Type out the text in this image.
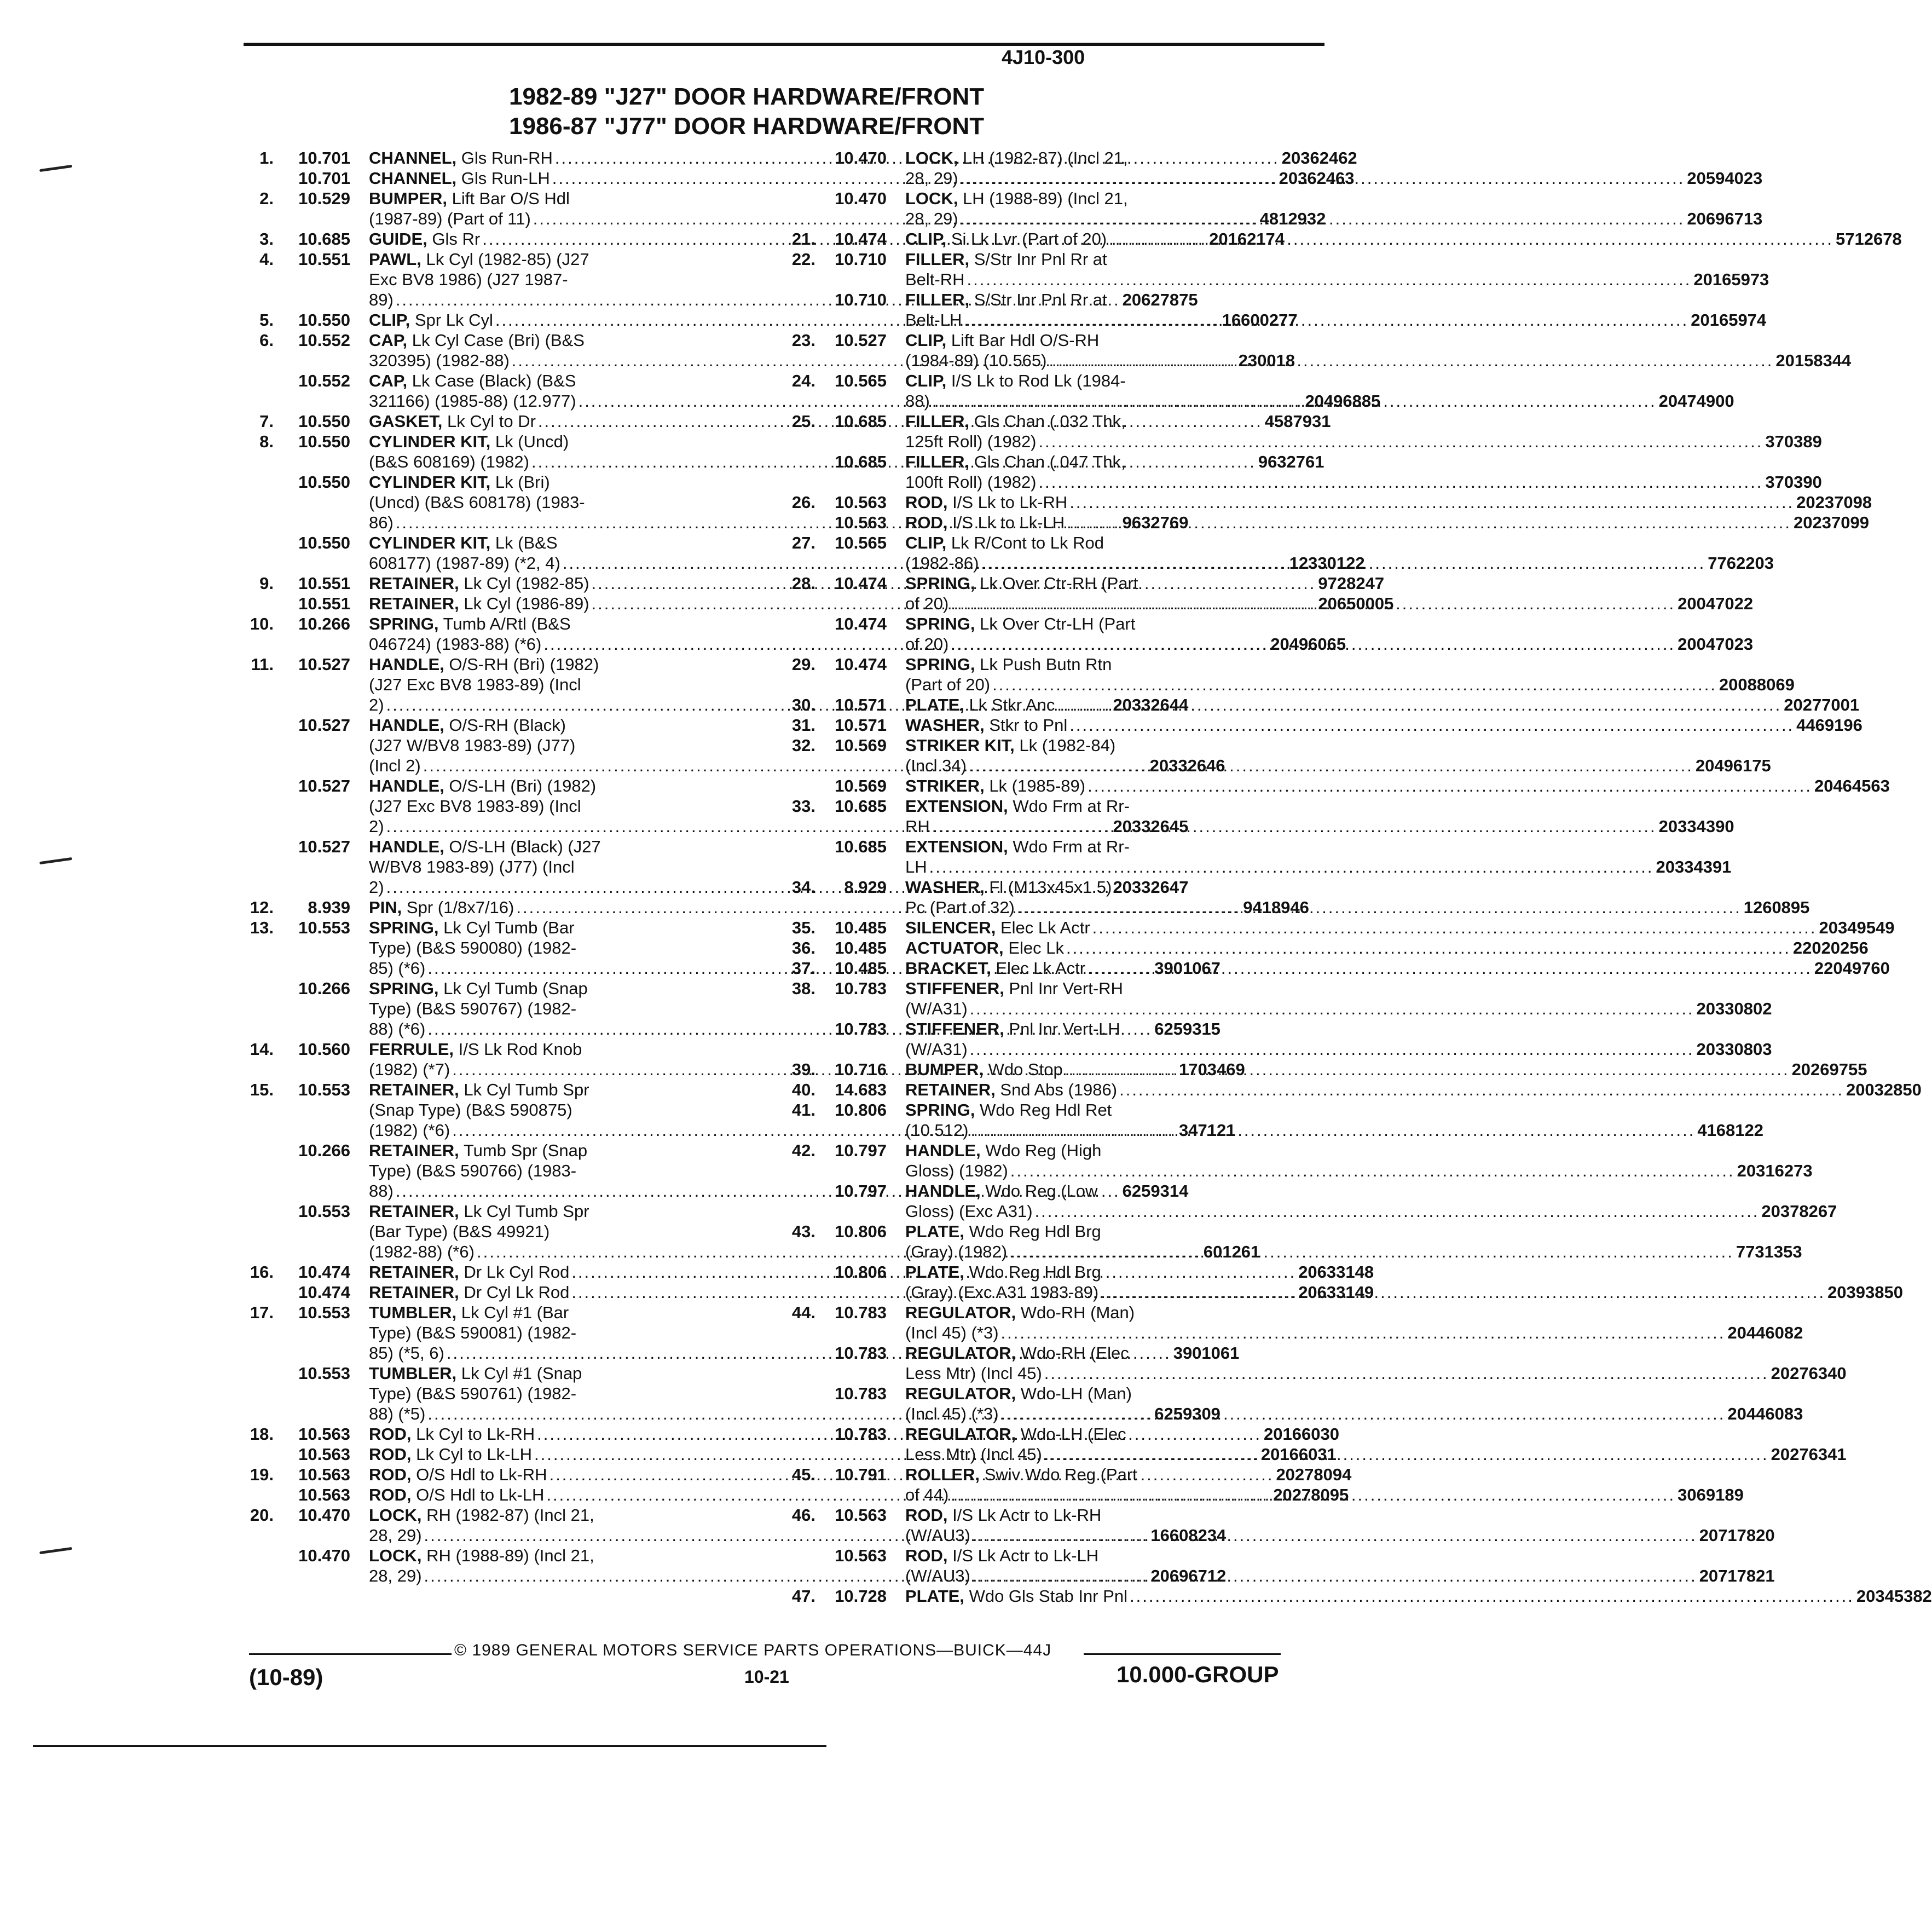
4J10-300
1982-89 "J27" DOOR HARDWARE/FRONT
1986-87 "J77" DOOR HARDWARE/FRONT
1.	10.701 CHANNEL, Gls Run-RH .....	20362462
10.701 CHANNEL, Gls Run-LH .....	20362463
2.	10.529 BUMPER, Lift Bar O/S Hdl
(1987-89) (Part of 11) .....	4812932
3.	10.685 GUIDE, Gls Rr .....	20162174
4.	10.551 PAWL, Lk Cyl (1982-85) (J27
Exc BV8 1986) (J27 1987-
89) .....	20627875
5.	10.550 CLIP, Spr Lk Cyl .....	16600277
6.	10.552 CAP, Lk Cyl Case (Bri) (B&S
320395) (1982-88) .....	230018
10.552 CAP, Lk Case (Black) (B&S
321166) (1985-88) (12.977) .....	20496885
7.	10.550 GASKET, Lk Cyl to Dr .....	4587931
8.	10.550 CYLINDER KIT, Lk (Uncd)
(B&S 608169) (1982) .....	9632761
10.550 CYLINDER KIT, Lk (Bri)
(Uncd) (B&S 608178) (1983-
86) .....	9632769
10.550 CYLINDER KIT, Lk (B&S
608177) (1987-89) (*2, 4) .....	12330122
9.	10.551 RETAINER, Lk Cyl (1982-85) .....	9728247
10.551 RETAINER, Lk Cyl (1986-89) .....	20650005
10.	10.266 SPRING, Tumb A/Rtl (B&S
046724) (1983-88) (*6) .....	20496065
11.	10.527 HANDLE, O/S-RH (Bri) (1982)
(J27 Exc BV8 1983-89) (Incl
2) .....	20332644
10.527 HANDLE, O/S-RH (Black)
(J27 W/BV8 1983-89) (J77)
(Incl 2) .....	20332646
10.527 HANDLE, O/S-LH (Bri) (1982)
(J27 Exc BV8 1983-89) (Incl
2) .....	20332645
10.527 HANDLE, O/S-LH (Black) (J27
W/BV8 1983-89) (J77) (Incl
2) .....	20332647
12.	8.939 PIN, Spr (1/8x7/16) .....	9418946
13.	10.553 SPRING, Lk Cyl Tumb (Bar
Type) (B&S 590080) (1982-
85) (*6) .....	3901067
10.266 SPRING, Lk Cyl Tumb (Snap
Type) (B&S 590767) (1982-
88) (*6) .....	6259315
14.	10.560 FERRULE, I/S Lk Rod Knob
(1982) (*7) .....	1703469
15.	10.553 RETAINER, Lk Cyl Tumb Spr
(Snap Type) (B&S 590875)
(1982) (*6) .....	347121
10.266 RETAINER, Tumb Spr (Snap
Type) (B&S 590766) (1983-
88) .....	6259314
10.553 RETAINER, Lk Cyl Tumb Spr
(Bar Type) (B&S 49921)
(1982-88) (*6) .....	601261
16.	10.474 RETAINER, Dr Lk Cyl Rod .....	20633148
10.474 RETAINER, Dr Cyl Lk Rod .....	20633149
17.	10.553 TUMBLER, Lk Cyl #1 (Bar
Type) (B&S 590081) (1982-
85) (*5, 6) .....	3901061
10.553 TUMBLER, Lk Cyl #1 (Snap
Type) (B&S 590761) (1982-
88) (*5) .....	6259309
18.	10.563 ROD, Lk Cyl to Lk-RH .....	20166030
10.563 ROD, Lk Cyl to Lk-LH .....	20166031
19.	10.563 ROD, O/S Hdl to Lk-RH .....	20278094
10.563 ROD, O/S Hdl to Lk-LH .....	20278095
20.	10.470 LOCK, RH (1982-87) (Incl 21,
28, 29) .....	16608234
10.470 LOCK, RH (1988-89) (Incl 21,
28, 29) .....	20696712
10.470 LOCK, LH (1982-87) (Incl 21,
28, 29) .....	20594023
10.470 LOCK, LH (1988-89) (Incl 21,
28, 29) .....	20696713
21.	10.474 CLIP, Si Lk Lvr (Part of 20) .....	5712678
22.	10.710 FILLER, S/Str Inr Pnl Rr at
Belt-RH .....	20165973
10.710 FILLER, S/Str Inr Pnl Rr at
Belt-LH .....	20165974
23.	10.527 CLIP, Lift Bar Hdl O/S-RH
(1984-89) (10.565) .....	20158344
24.	10.565 CLIP, I/S Lk to Rod Lk (1984-
88) .....	20474900
25.	10.685 FILLER, Gls Chan (.032 Thk,
125ft Roll) (1982) .....	370389
10.685 FILLER, Gls Chan (.047 Thk,
100ft Roll) (1982) .....	370390
26.	10.563 ROD, I/S Lk to Lk-RH .....	20237098
10.563 ROD, I/S Lk to Lk-LH .....	20237099
27.	10.565 CLIP, Lk R/Cont to Lk Rod
(1982-86) .....	7762203
28.	10.474 SPRING, Lk Over Ctr-RH (Part
of 20) .....	20047022
10.474 SPRING, Lk Over Ctr-LH (Part
of 20) .....	20047023
29.	10.474 SPRING, Lk Push Butn Rtn
(Part of 20) .....	20088069
30.	10.571 PLATE, Lk Stkr Anc .....	20277001
31.	10.571 WASHER, Stkr to Pnl .....	4469196
32.	10.569 STRIKER KIT, Lk (1982-84)
(Incl 34) .....	20496175
10.569 STRIKER, Lk (1985-89) .....	20464563
33.	10.685 EXTENSION, Wdo Frm at Rr-
RH .....	20334390
10.685 EXTENSION, Wdo Frm at Rr-
LH .....	20334391
34.	8.929 WASHER, Fl (M13x45x1.5)
Pc (Part of 32) .....	1260895
35.	10.485 SILENCER, Elec Lk Actr .....	20349549
36.	10.485 ACTUATOR, Elec Lk .....	22020256
37.	10.485 BRACKET, Elec Lk Actr .....	22049760
38.	10.783 STIFFENER, Pnl Inr Vert-RH
(W/A31) .....	20330802
10.783 STIFFENER, Pnl Inr Vert-LH
(W/A31) .....	20330803
39.	10.716 BUMPER, Wdo Stop .....	20269755
40.	14.683 RETAINER, Snd Abs (1986) .....	20032850
41.	10.806 SPRING, Wdo Reg Hdl Ret
(10.512) .....	4168122
42.	10.797 HANDLE, Wdo Reg (High
Gloss) (1982) .....	20316273
10.797 HANDLE, Wdo Reg (Low
Gloss) (Exc A31) .....	20378267
43.	10.806 PLATE, Wdo Reg Hdl Brg
(Gray) (1982) .....	7731353
10.806 PLATE, Wdo Reg Hdl Brg
(Gray) (Exc A31 1983-89) .....	20393850
44.	10.783 REGULATOR, Wdo-RH (Man)
(Incl 45) (*3) .....	20446082
10.783 REGULATOR, Wdo-RH (Elec
Less Mtr) (Incl 45) .....	20276340
10.783 REGULATOR, Wdo-LH (Man)
(Incl 45) (*3) .....	20446083
10.783 REGULATOR, Wdo-LH (Elec
Less Mtr) (Incl 45) .....	20276341
45.	10.791 ROLLER, Swiv Wdo Reg (Part
of 44) .....	3069189
46.	10.563 ROD, I/S Lk Actr to Lk-RH
(W/AU3) .....	20717820
10.563 ROD, I/S Lk Actr to Lk-LH
(W/AU3) .....	20717821
47.	10.728 PLATE, Wdo Gls Stab Inr Pnl .....	20345382
© 1989 GENERAL MOTORS SERVICE PARTS OPERATIONS—BUICK—44J
(10-89)	10-21	10.000-GROUP
